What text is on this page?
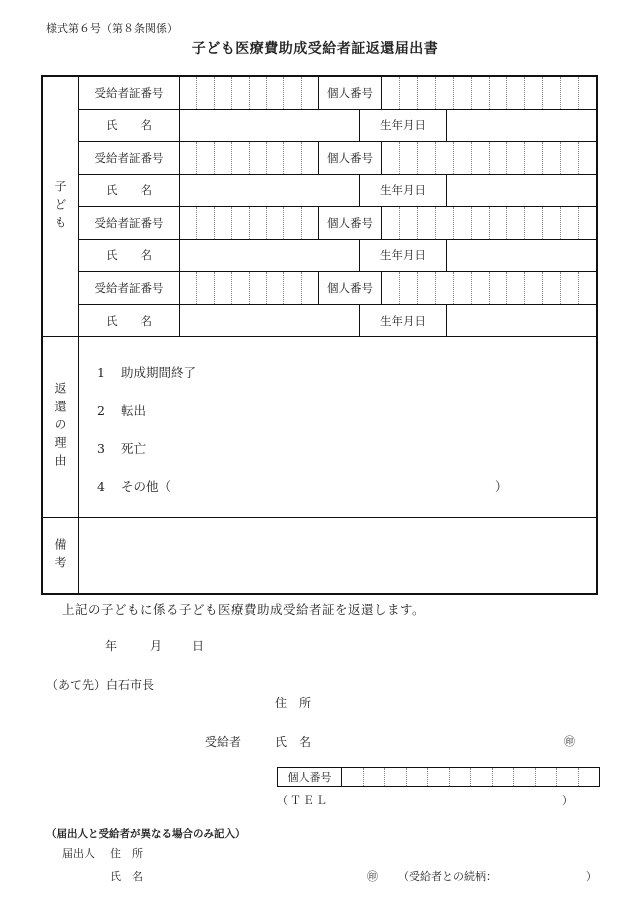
様式第６号（第８条関係）
子ども医療費助成受給者証返還届出書
子ども
受給者証番号	個人番号
氏　　名	生年月日
受給者証番号	個人番号
氏　　名	生年月日
受給者証番号	個人番号
氏　　名	生年月日
受給者証番号	個人番号
氏　　名	生年月日
返還の理由
1 助成期間終了
2 転出
3 死亡
4 その他（	）
備考
上記の子どもに係る子ども医療費助成受給者証を返還します。
年	月 日
（あて先）白石市長
住　所
受給者	氏　名	㊞
個人番号
（ＴＥＬ	）
（届出人と受給者が異なる場合のみ記入）
届出人 住　所
氏　名	㊞ （受給者との続柄：	）
